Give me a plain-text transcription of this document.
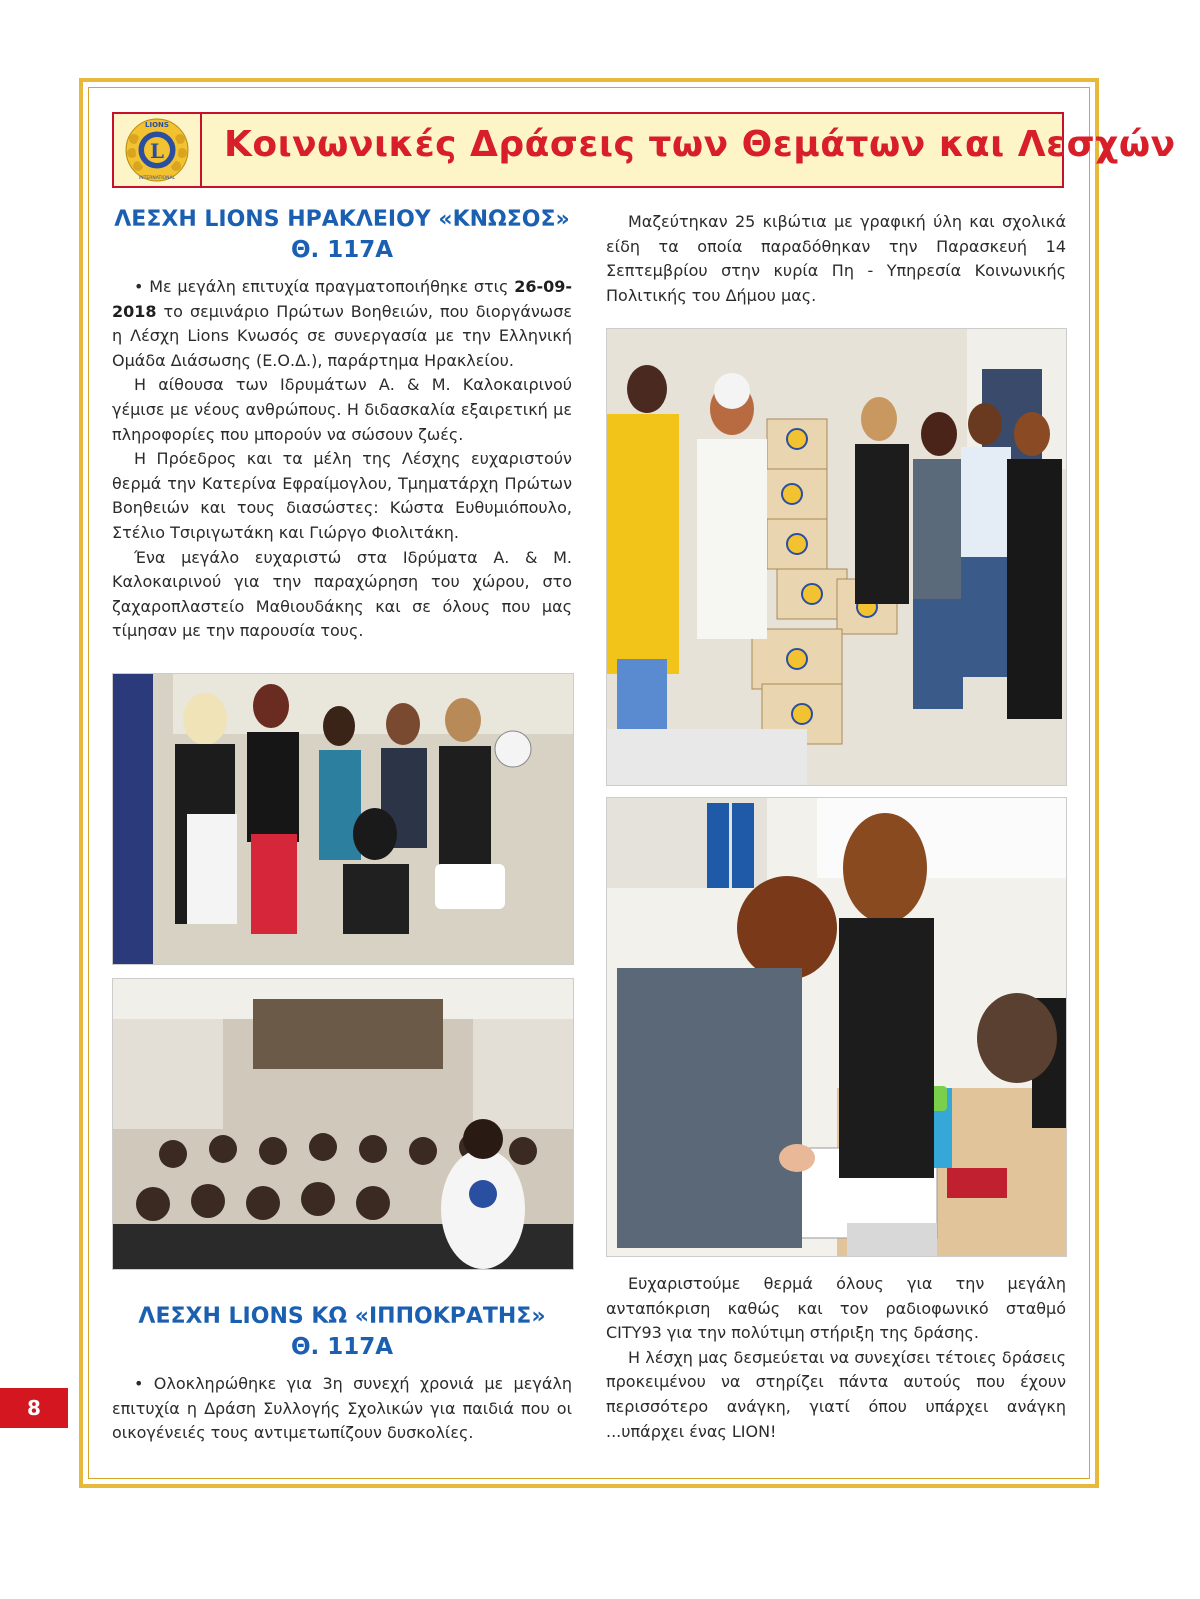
L
LIONS
INTERNATIONAL
Κοινωνικές Δράσεις των Θεμάτων και Λεσχών
ΛΕΣΧΗ LIONS ΗΡΑΚΛΕΙΟΥ «ΚΝΩΣΟΣ»
Θ. 117Α

• Με μεγάλη επιτυχία πραγματοποιήθηκε στις 26-09-2018 το σεμινάριο Πρώτων Βοηθειών, που διοργάνωσε η Λέσχη Lions Κνωσός σε συνεργασία με την Ελληνική Ομάδα Διάσωσης (Ε.Ο.Δ.), παράρτημα Ηρακλείου.

Η αίθουσα των Ιδρυμάτων Α. & Μ. Καλοκαιρινού γέμισε με νέους ανθρώπους. Η διδασκαλία εξαιρετική με πληροφορίες που μπορούν να σώσουν ζωές.

Η Πρόεδρος και τα μέλη της Λέσχης ευχαριστούν θερμά την Κατερίνα Εφραίμογλου, Τμηματάρχη Πρώτων Βοηθειών και τους διασώστες: Κώστα Ευθυμιόπουλο, Στέλιο Τσιριγωτάκη και Γιώργο Φιολιτάκη.

Ένα μεγάλο ευχαριστώ στα Ιδρύματα Α. & Μ. Καλοκαιρινού για την παραχώρηση του χώρου, στο ζαχαροπλαστείο Μαθιουδάκης και σε όλους που μας τίμησαν με την παρουσία τους.

ΛΕΣΧΗ LIONS ΚΩ «ΙΠΠΟΚΡΑΤΗΣ»
Θ. 117Α

• Ολοκληρώθηκε για 3η συνεχή χρονιά με μεγάλη επιτυχία η Δράση Συλλογής Σχολικών για παιδιά που οι οικογένειές τους αντιμετωπίζουν δυσκολίες.

Μαζεύτηκαν 25 κιβώτια με γραφική ύλη και σχολικά είδη τα οποία παραδόθηκαν την Παρασκευή 14 Σεπτεμβρίου στην κυρία Πη - Υπηρεσία Κοινωνικής Πολιτικής του Δήμου μας.

Ευχαριστούμε θερμά όλους για την μεγάλη ανταπόκριση καθώς και τον ραδιοφωνικό σταθμό CITY93 για την πολύτιμη στήριξη της δράσης.

Η λέσχη μας δεσμεύεται να συνεχίσει τέτοιες δράσεις προκειμένου να στηρίζει πάντα αυτούς που έχουν περισσότερο ανάγκη, γιατί όπου υπάρχει ανάγκη ...υπάρχει ένας LION!

8
